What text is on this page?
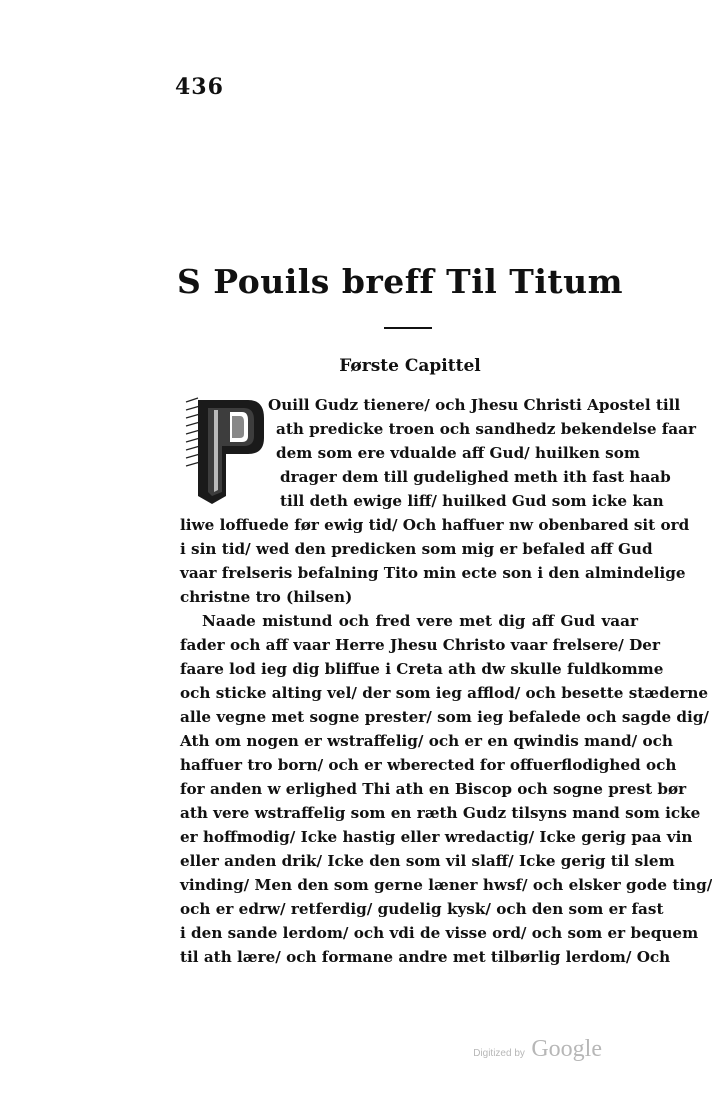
436
S Pouils breff Til Titum
Første Capittel
Ouill Gudz tienere/ och Jhesu Christi Apostel till
ath predicke troen och sandhedz bekendelse faar
dem som ere vdualde aff Gud/ huilken som
drager dem till gudelighed meth ith fast haab
till deth ewige liff/ huilked Gud som icke kan
liwe loffuede før ewig tid/ Och haffuer nw obenbared sit ord
i sin tid/ wed den predicken som mig er befaled aff Gud
vaar frelseris befalning Tito min ecte son i den almindelige
christne tro (hilsen)
Naade mistund och fred vere met dig aff Gud vaar
fader och aff vaar Herre Jhesu Christo vaar frelsere/ Der
faare lod ieg dig bliffue i Creta ath dw skulle fuldkomme
och sticke alting vel/ der som ieg afflod/ och besette stæderne
alle vegne met sogne prester/ som ieg befalede och sagde dig/
Ath om nogen er wstraffelig/ och er en qwindis mand/ och
haffuer tro born/ och er wberected for offuerflodighed och
for anden w erlighed Thi ath en Biscop och sogne prest bør
ath vere wstraffelig som en ræth Gudz tilsyns mand som icke
er hoffmodig/ Icke hastig eller wredactig/ Icke gerig paa vin
eller anden drik/ Icke den som vil slaff/ Icke gerig til slem
vinding/ Men den som gerne læner hwsf/ och elsker gode ting/
och er edrw/ retferdig/ gudelig kysk/ och den som er fast
i den sande lerdom/ och vdi de visse ord/ och som er bequem
til ath lære/ och formane andre met tilbørlig lerdom/ Och
Digitized by Google
